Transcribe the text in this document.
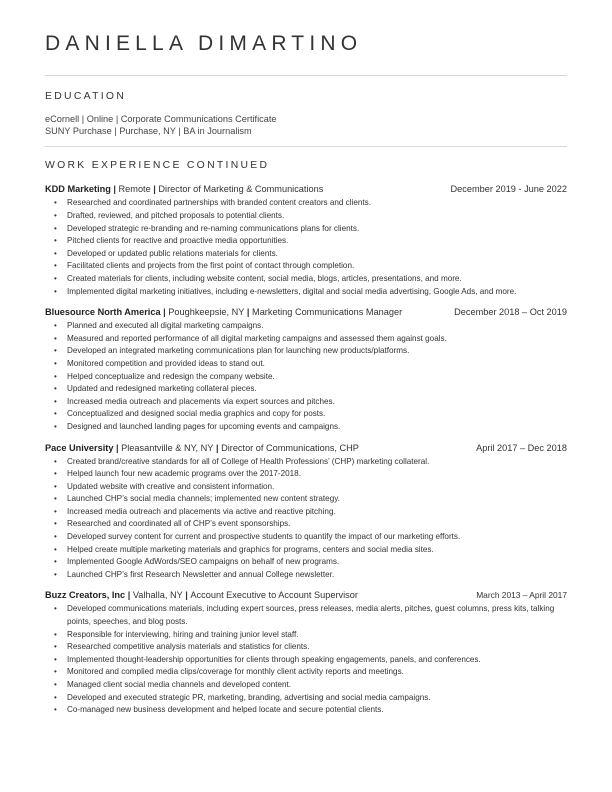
DANIELLA DIMARTINO
EDUCATION
eCornell | Online | Corporate Communications Certificate
SUNY Purchase | Purchase, NY | BA in Journalism
WORK EXPERIENCE CONTINUED
KDD Marketing | Remote | Director of Marketing & Communications	December 2019 - June 2022
• Researched and coordinated partnerships with branded content creators and clients.
• Drafted, reviewed, and pitched proposals to potential clients.
• Developed strategic re-branding and re-naming communications plans for clients.
• Pitched clients for reactive and proactive media opportunities.
• Developed or updated public relations materials for clients.
• Facilitated clients and projects from the first point of contact through completion.
• Created materials for clients, including website content, social media, blogs, articles, presentations, and more.
• Implemented digital marketing initiatives, including e-newsletters, digital and social media advertising, Google Ads, and more.
Bluesource North America | Poughkeepsie, NY | Marketing Communications Manager	December 2018 – Oct 2019
• Planned and executed all digital marketing campaigns.
• Measured and reported performance of all digital marketing campaigns and assessed them against goals.
• Developed an integrated marketing communications plan for launching new products/platforms.
• Monitored competition and provided ideas to stand out.
• Helped conceptualize and redesign the company website.
• Updated and redesigned marketing collateral pieces.
• Increased media outreach and placements via expert sources and pitches.
• Conceptualized and designed social media graphics and copy for posts.
• Designed and launched landing pages for upcoming events and campaigns.
Pace University | Pleasantville & NY, NY | Director of Communications, CHP	April 2017 – Dec 2018
• Created brand/creative standards for all of College of Health Professions’ (CHP) marketing collateral.
• Helped launch four new academic programs over the 2017-2018.
• Updated website with creative and consistent information.
• Launched CHP’s social media channels; implemented new content strategy.
• Increased media outreach and placements via active and reactive pitching.
• Researched and coordinated all of CHP’s event sponsorships.
• Developed survey content for current and prospective students to quantify the impact of our marketing efforts.
• Helped create multiple marketing materials and graphics for programs, centers and social media sites.
• Implemented Google AdWords/SEO campaigns on behalf of new programs.
• Launched CHP’s first Research Newsletter and annual College newsletter.
Buzz Creators, Inc | Valhalla, NY | Account Executive to Account Supervisor	March 2013 – April 2017
• Developed communications materials, including expert sources, press releases, media alerts, pitches, guest columns, press kits, talking points, speeches, and blog posts.
• Responsible for interviewing, hiring and training junior level staff.
• Researched competitive analysis materials and statistics for clients.
• Implemented thought-leadership opportunities for clients through speaking engagements, panels, and conferences.
• Monitored and complied media clips/coverage for monthly client activity reports and meetings.
• Managed client social media channels and developed content.
• Developed and executed strategic PR, marketing, branding, advertising and social media campaigns.
• Co-managed new business development and helped locate and secure potential clients.
